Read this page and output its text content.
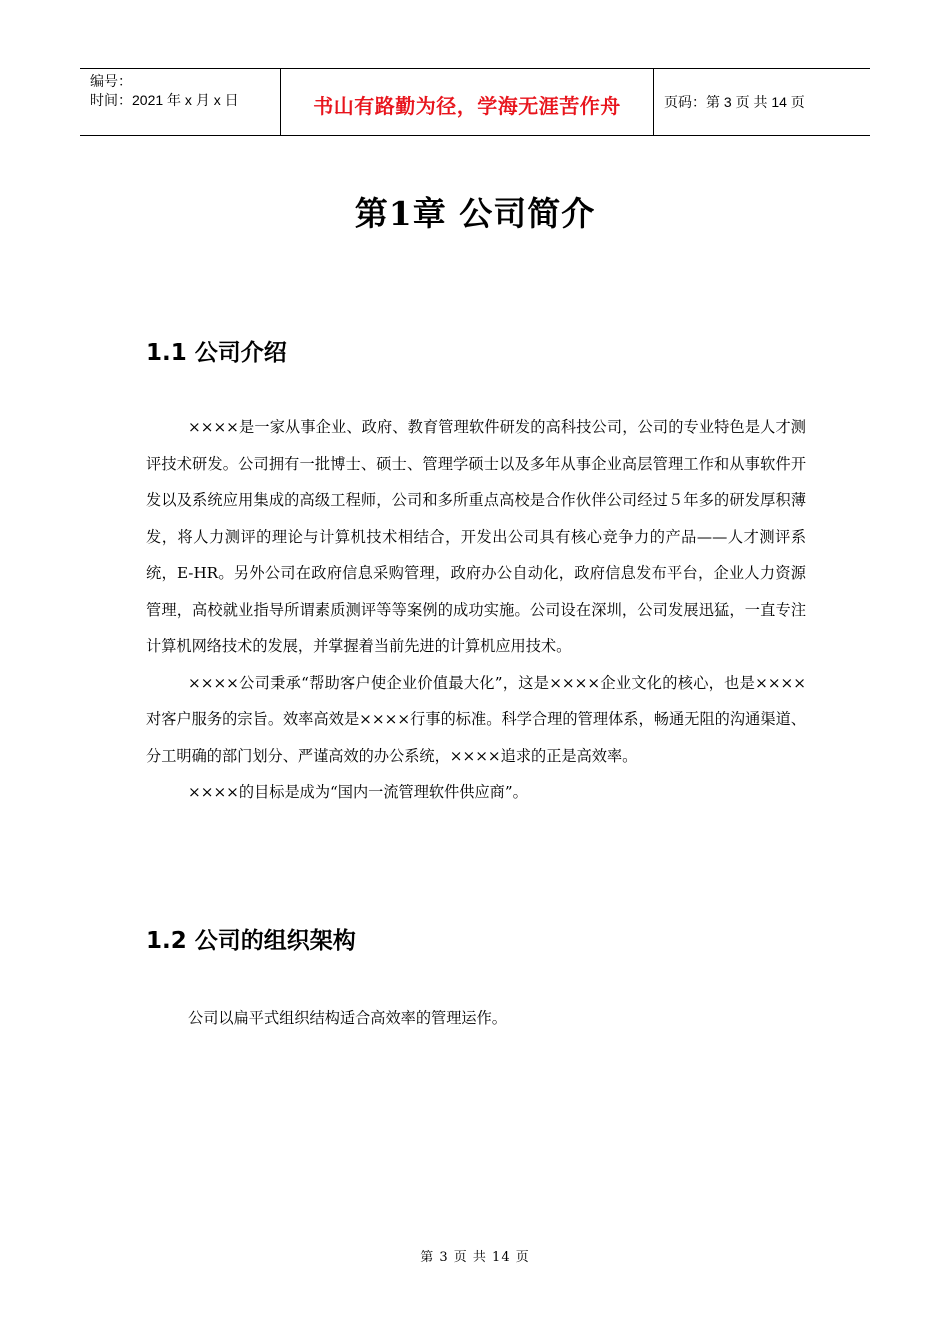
编号：
时间：2021 年 x 月 x 日	书山有路勤为径，学海无涯苦作舟	页码：第 3 页 共 14 页
第1章 公司简介
1.1 公司介绍

××××是一家从事企业、政府、教育管理软件研发的高科技公司，公司的专业特色是人才测评技术研发。公司拥有一批博士、硕士、管理学硕士以及多年从事企业高层管理工作和从事软件开发以及系统应用集成的高级工程师，公司和多所重点高校是合作伙伴公司经过５年多的研发厚积薄发，将人力测评的理论与计算机技术相结合，开发出公司具有核心竞争力的产品——人才测评系统，E-HR。另外公司在政府信息采购管理，政府办公自动化，政府信息发布平台，企业人力资源管理，高校就业指导所谓素质测评等等案例的成功实施。公司设在深圳，公司发展迅猛，一直专注计算机网络技术的发展，并掌握着当前先进的计算机应用技术。

××××公司秉承“帮助客户使企业价值最大化”，这是××××企业文化的核心，也是××××对客户服务的宗旨。效率高效是××××行事的标准。科学合理的管理体系，畅通无阻的沟通渠道、分工明确的部门划分、严谨高效的办公系统，××××追求的正是高效率。

××××的目标是成为“国内一流管理软件供应商”。

1.2 公司的组织架构

公司以扁平式组织结构适合高效率的管理运作。

第 3 页 共 14 页
